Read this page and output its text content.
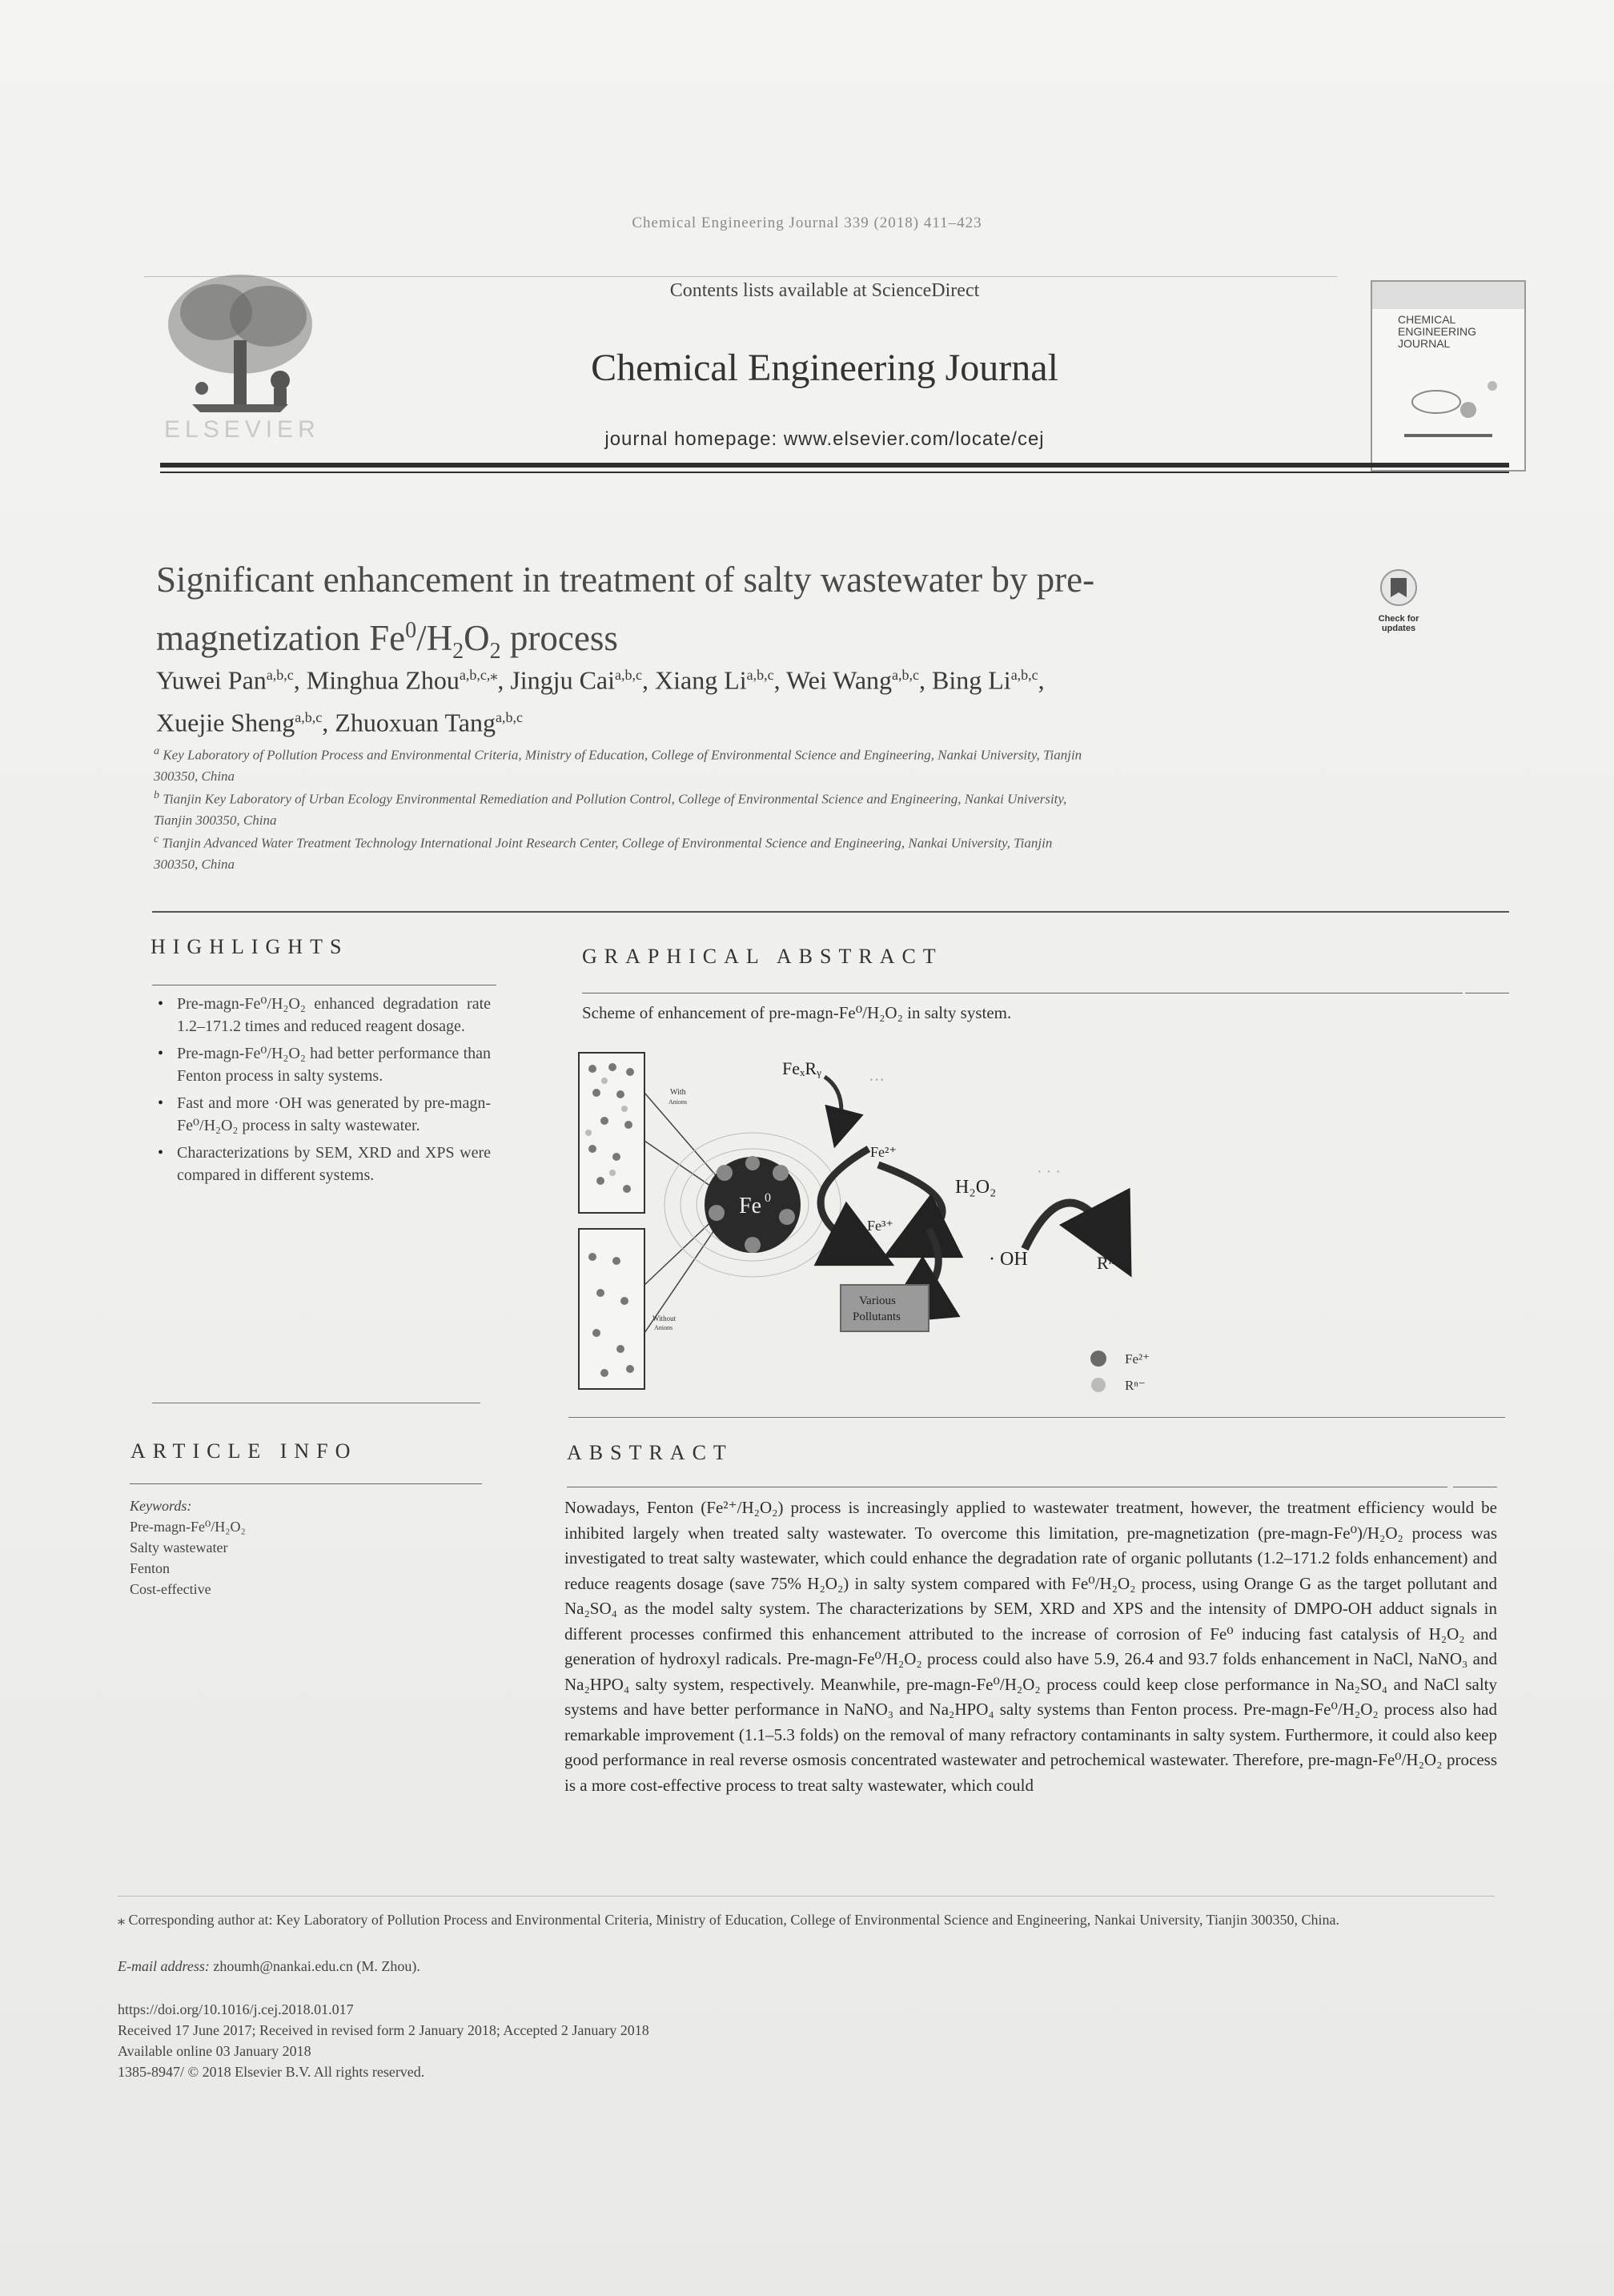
Chemical Engineering Journal 339 (2018) 411–423
ELSEVIER
Contents lists available at ScienceDirect
Chemical Engineering Journal
journal homepage: www.elsevier.com/locate/cej
CHEMICAL
ENGINEERING
JOURNAL
Significant enhancement in treatment of salty wastewater by pre-
magnetization $Fe^0/H_2O_2$ process	Check for
updates
Yuwei Pan$^{a,b,c}$, Minghua Zhou$^{a,b,c,⁎}$, Jingju Cai$^{a,b,c}$, Xiang Li$^{a,b,c}$, Wei Wang$^{a,b,c}$, Bing Li$^{a,b,c}$,
Xuejie Sheng$^{a,b,c}$, Zhuoxuan Tang$^{a,b,c}$
$^a$ Key Laboratory of Pollution Process and Environmental Criteria, Ministry of Education, College of Environmental Science and Engineering, Nankai University, Tianjin
300350, China
$^b$ Tianjin Key Laboratory of Urban Ecology Environmental Remediation and Pollution Control, College of Environmental Science and Engineering, Nankai University,
Tianjin 300350, China
$^c$ Tianjin Advanced Water Treatment Technology International Joint Research Center, College of Environmental Science and Engineering, Nankai University, Tianjin
300350, China
HIGHLIGHTS
• Pre-magn-Fe⁰/H₂O₂ enhanced degradation rate 1.2–171.2 times and reduced reagent dosage.
• Pre-magn-Fe⁰/H₂O₂ had better performance than Fenton process in salty systems.
• Fast and more ·OH was generated by pre-magn-Fe⁰/H₂O₂ process in salty wastewater.
• Characterizations by SEM, XRD and XPS were compared in different systems.
GRAPHICAL ABSTRACT
Scheme of enhancement of pre-magn-Fe⁰/H₂O₂ in salty system.
With
Anions
Without
Anions
Fe 0
FeₓRᵧ
⋯
Fe²⁺
Fe³⁺
H₂O₂
· OH
· · ·
Rᵐ⁻·
Various
Pollutants
Fe²⁺
Rⁿ⁻
ARTICLE INFO
Keywords:
Pre-magn-Fe⁰/H₂O₂
Salty wastewater
Fenton
Cost-effective
ABSTRACT
Nowadays, Fenton (Fe²⁺/H₂O₂) process is increasingly applied to wastewater treatment, however, the treatment efficiency would be inhibited largely when treated salty wastewater. To overcome this limitation, pre-magnetization (pre-magn-Fe⁰)/H₂O₂ process was investigated to treat salty wastewater, which could enhance the degradation rate of organic pollutants (1.2–171.2 folds enhancement) and reduce reagents dosage (save 75% H₂O₂) in salty system compared with Fe⁰/H₂O₂ process, using Orange G as the target pollutant and Na₂SO₄ as the model salty system. The characterizations by SEM, XRD and XPS and the intensity of DMPO-OH adduct signals in different processes confirmed this enhancement attributed to the increase of corrosion of Fe⁰ inducing fast catalysis of H₂O₂ and generation of hydroxyl radicals. Pre-magn-Fe⁰/H₂O₂ process could also have 5.9, 26.4 and 93.7 folds enhancement in NaCl, NaNO₃ and Na₂HPO₄ salty system, respectively. Meanwhile, pre-magn-Fe⁰/H₂O₂ process could keep close performance in Na₂SO₄ and NaCl salty systems and have better performance in NaNO₃ and Na₂HPO₄ salty systems than Fenton process. Pre-magn-Fe⁰/H₂O₂ process also had remarkable improvement (1.1–5.3 folds) on the removal of many refractory contaminants in salty system. Furthermore, it could also keep good performance in real reverse osmosis concentrated wastewater and petrochemical wastewater. Therefore, pre-magn-Fe⁰/H₂O₂ process is a more cost-effective process to treat salty wastewater, which could
⁎ Corresponding author at: Key Laboratory of Pollution Process and Environmental Criteria, Ministry of Education, College of Environmental Science and Engineering, Nankai University, Tianjin 300350, China.
E-mail address: zhoumh@nankai.edu.cn (M. Zhou).
https://doi.org/10.1016/j.cej.2018.01.017
Received 17 June 2017; Received in revised form 2 January 2018; Accepted 2 January 2018
Available online 03 January 2018
1385-8947/ © 2018 Elsevier B.V. All rights reserved.
